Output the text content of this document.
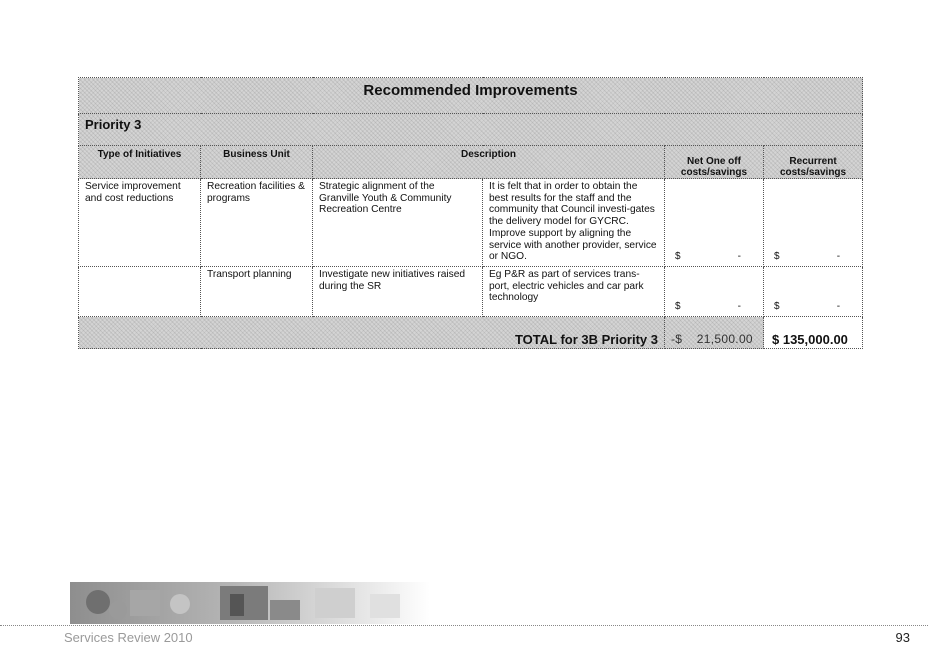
Recommended Improvements					
Priority 3					
Type of Initiatives	Business Unit	Description		Net One off costs/savings	Recurrent costs/savings
Service improvement and cost reductions	Recreation facilities & programs	Strategic alignment of the Granville Youth & Community Recreation Centre	It is felt that in order to obtain the best results for the staff and the community that Council investi-gates the delivery model for GYCRC. Improve support by aligning the service with another provider, service or NGO.	$ -	$ -

	Transport planning	Investigate new initiatives raised during the SR	Eg P&R as part of services trans-port, electric vehicles and car park technology	$ -	$ -

TOTAL for 3B Priority 3				-$    21,500.00	$ 135,000.00
Services Review 2010	93
